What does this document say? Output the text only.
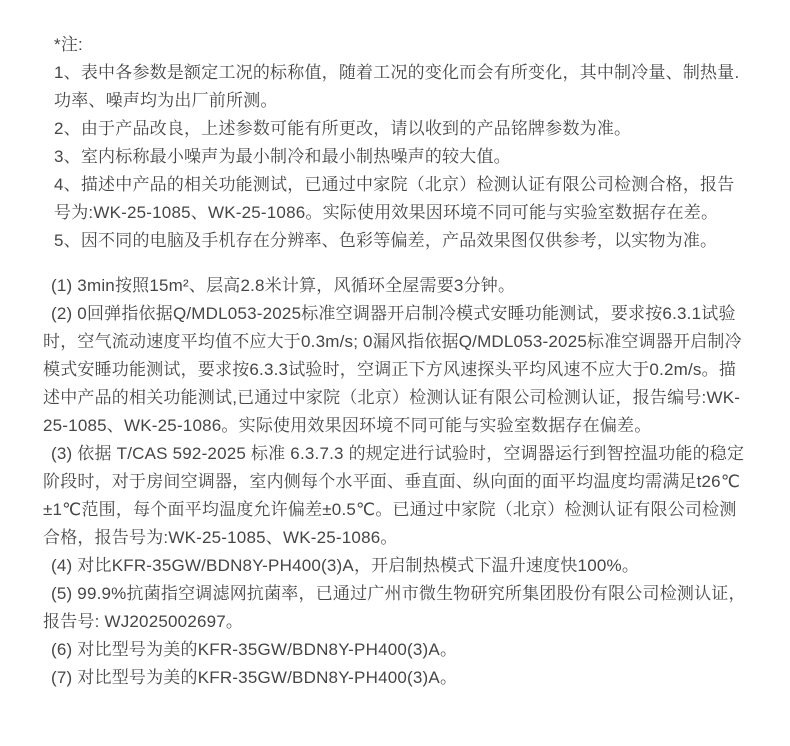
*注:

1、表中各参数是额定工况的标称值，随着工况的变化而会有所变化，其中制冷量、制热量.功率、噪声均为出厂前所测。

2、由于产品改良，上述参数可能有所更改，请以收到的产品铭牌参数为准。

3、室内标称最小噪声为最小制冷和最小制热噪声的较大值。

4、描述中产品的相关功能测试，已通过中家院（北京）检测认证有限公司检测合格，报告号为:WK-25-1085、WK-25-1086。实际使用效果因环境不同可能与实验室数据存在差。

5、因不同的电脑及手机存在分辨率、色彩等偏差，产品效果图仅供参考，以实物为准。

(1) 3min按照15m²、层高2.8米计算，风循环全屋需要3分钟。

(2) 0回弹指依据Q/MDL053-2025标准空调器开启制冷模式安睡功能测试，要求按6.3.1试验时，空气流动速度平均值不应大于0.3m/s; 0漏风指依据Q/MDL053-2025标准空调器开启制冷模式安睡功能测试，要求按6.3.3试验时，空调正下方风速探头平均风速不应大于0.2m/s。描述中产品的相关功能测试,已通过中家院（北京）检测认证有限公司检测认证，报告编号:WK-25-1085、WK-25-1086。实际使用效果因环境不同可能与实验室数据存在偏差。

(3) 依据 T/CAS 592-2025 标准 6.3.7.3 的规定进行试验时，空调器运行到智控温功能的稳定阶段时，对于房间空调器，室内侧每个水平面、垂直面、纵向面的面平均温度均需满足t26℃±1℃范围，每个面平均温度允许偏差±0.5℃。已通过中家院（北京）检测认证有限公司检测合格，报告号为:WK-25-1085、WK-25-1086。

(4) 对比KFR-35GW/BDN8Y-PH400(3)A，开启制热模式下温升速度快100%。

(5) 99.9%抗菌指空调滤网抗菌率，已通过广州市微生物研究所集团股份有限公司检测认证，报告号: WJ2025002697。

(6) 对比型号为美的KFR-35GW/BDN8Y-PH400(3)A。

(7) 对比型号为美的KFR-35GW/BDN8Y-PH400(3)A。
